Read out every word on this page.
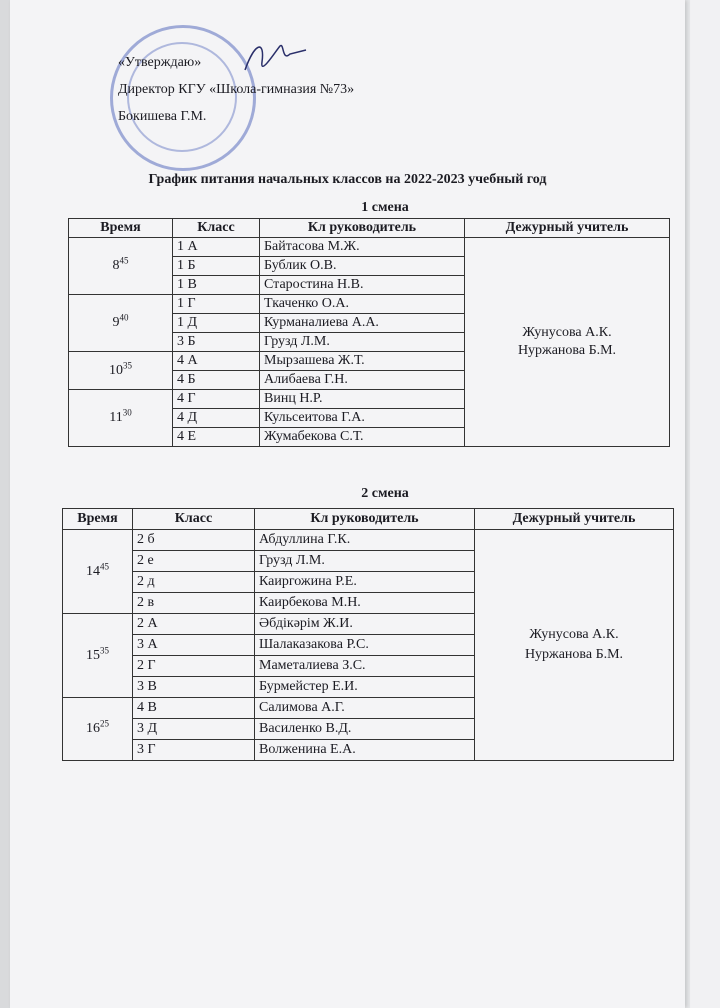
«Утверждаю»
Директор КГУ «Школа-гимназия №73»
Бокишева Г.М.
График питания начальных классов на 2022-2023 учебный год
1 смена
Время	Класс	Кл руководитель	Дежурный учитель
$8^{45}$	1 А	Байтасова М.Ж.	Жунусова А.К.
Нуржанова Б.М.

	1 Б	Бублик О.В.	
	1 В	Старостина Н.В.	
$9^{40}$	1 Г	Ткаченко О.А.	
	1 Д	Курманалиева А.А.	
	3 Б	Грузд Л.М.	
$10^{35}$	4 А	Мырзашева Ж.Т.	
	4 Б	Алибаева Г.Н.	
$11^{30}$	4 Г	Винц Н.Р.	
	4 Д	Кульсеитова Г.А.	
	4 Е	Жумабекова С.Т.	
2 смена
Время	Класс	Кл руководитель	Дежурный учитель
$14^{45}$	2 б	Абдуллина Г.К.	Жунусова А.К.
Нуржанова Б.М.

	2 е	Грузд Л.М.	
	2 д	Каиргожина Р.Е.	
	2 в	Каирбекова М.Н.	
$15^{35}$	2 А	Әбдікәрім Ж.И.	
	3 А	Шалаказакова Р.С.	
	2 Г	Маметалиева З.С.	
	3 В	Бурмейстер Е.И.	
$16^{25}$	4 В	Салимова А.Г.	
	3 Д	Василенко В.Д.	
	3 Г	Волженина Е.А.	
